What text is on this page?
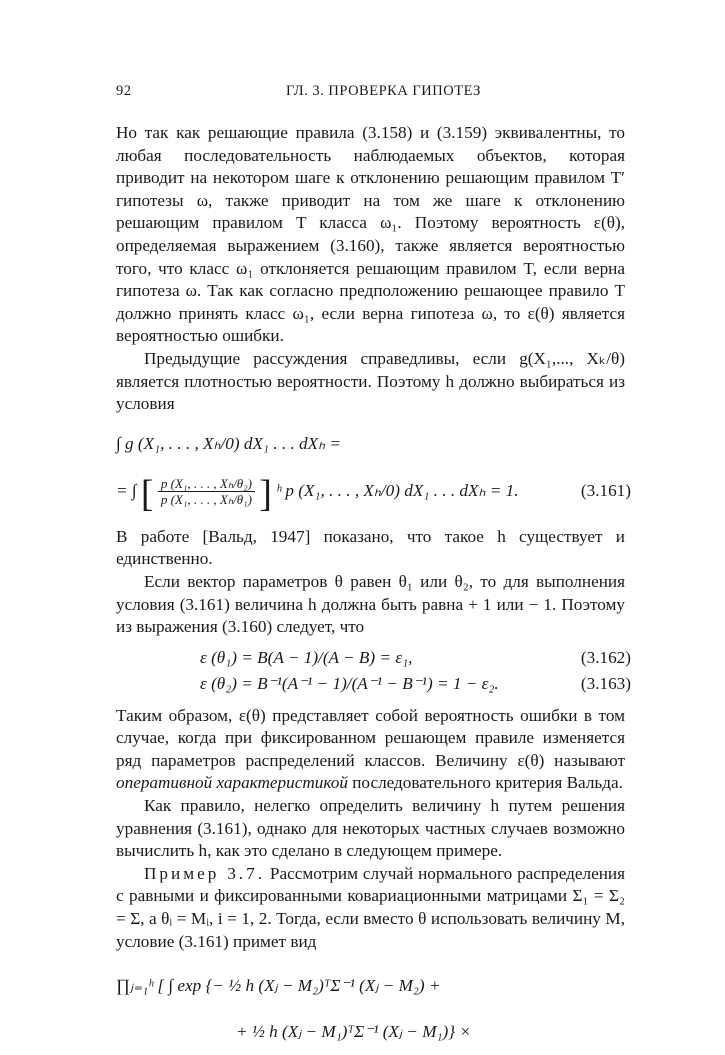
92	ГЛ. 3. ПРОВЕРКА ГИПОТЕЗ

Но так как решающие правила (3.158) и (3.159) эквивалентны, то любая последовательность наблюдаемых объектов, которая приводит на некотором шаге к отклонению решающим правилом T′ гипотезы ω, также приводит на том же шаге к отклонению решающим правилом T класса ω₁. Поэтому вероятность ε(θ), определяемая выражением (3.160), также является вероятностью того, что класс ω₁ отклоняется решающим правилом T, если верна гипотеза ω. Так как согласно предположению решающее правило T должно принять класс ω₁, если верна гипотеза ω, то ε(θ) является вероятностью ошибки.

Предыдущие рассуждения справедливы, если g(X₁,..., Xₖ/θ) является плотностью вероятности. Поэтому h должно выбираться из условия

∫ g (X₁, . . . , Xₕ/0) dX₁ . . . dXₕ =
= ∫ [ $\frac{\text{p (X₁, . . . , Xₕ/θ₂)}}{\text{p (X₁, . . . , Xₕ/θ₁)}}$ ] ʰ p (X₁, . . . , Xₕ/0) dX₁ . . . dXₕ = 1.	(3.161)

В работе [Вальд, 1947] показано, что такое h существует и единственно.

Если вектор параметров θ равен θ₁ или θ₂, то для выполнения условия (3.161) величина h должна быть равна + 1 или − 1. Поэтому из выражения (3.160) следует, что

ε (θ₁) = B(A − 1)/(A − B) = ε₁,	(3.162)
ε (θ₂) = B⁻¹(A⁻¹ − 1)/(A⁻¹ − B⁻¹) = 1 − ε₂.	(3.163)

Таким образом, ε(θ) представляет собой вероятность ошибки в том случае, когда при фиксированном решающем правиле изменяется ряд параметров распределений классов. Величину ε(θ) называют оперативной характеристикой последовательного критерия Вальда.

Как правило, нелегко определить величину h путем решения уравнения (3.161), однако для некоторых частных случаев возможно вычислить h, как это сделано в следующем примере.

Пример 3.7. Рассмотрим случай нормального распределения с равными и фиксированными ковариационными матрицами Σ₁ = Σ₂ = Σ, а θᵢ = Mᵢ, i = 1, 2. Тогда, если вместо θ использовать величину M, условие (3.161) примет вид

∏ⱼ₌₁ʰ [ ∫ exp {− ½ h (Xⱼ − M₂)ᵀΣ⁻¹ (Xⱼ − M₂) +
+ ½ h (Xⱼ − M₁)ᵀΣ⁻¹ (Xⱼ − M₁)} ×
